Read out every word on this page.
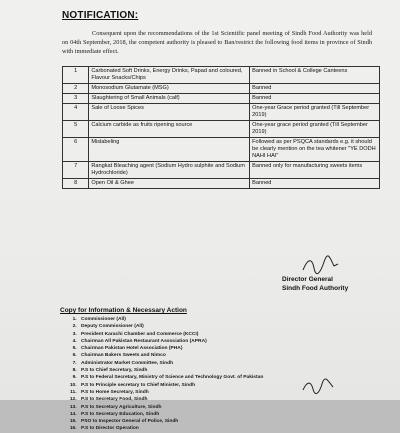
NOTIFICATION:

Consequent upon the recommendations of the 1st Scientific panel meeting of Sindh Food Authority was held on 04th September, 2018, the competent authority is pleased to Ban/restrict the following food items in province of Sindh with immediate effect.

1	Carbonated Soft Drinks, Energy Drinks, Papad and coloured, Flavour Snacks/Chips	Banned in School & College Canteens
2	Monosodium Glutamate (MSG)	Banned
3	Slaughtering of Small Animals (calf)	Banned
4	Sale of Loose Spices	One-year Grace period granted (Till September 2019)
5	Calcium carbide as fruits ripening source	One-year grace period granted (Till September 2019)
6	Mislabeling	Followed as per PSQCA standards e.g. it should be clearly mention on the tea whitener "YE DODH NAHI HAI"
7	Rangkat Bleaching agent (Sodium Hydro sulphite and Sodium Hydrochloride)	Banned only for manufacturing sweets items
8	Open Oil & Ghee	Banned
Director General
Sindh Food Authority
Copy for Information & Necessary Action
1. Commissioner (All)
2. Deputy Commissioner (All)
3. President Karachi Chamber and Commerce (KCCI)
4. Chairman All Pakistan Restaurant Association (APRA)
5. Chairman Pakistan Hotel Association (PHA)
6. Chairman Bakers Sweets and Nimco
7. Administrator Market Committee, Sindh
8. P.S to Chief Secretary, Sindh
9. P.S to Federal Secretary, Ministry of Science and Technology Govt. of Pakistan
10. P.S to Principle secretary to Chief Minister, Sindh
11. P.S to Home Secretary, Sindh
12. P.S to Secretary Food, Sindh
13. P.S to Secretary Agriculture, Sindh
14. P.S to Secretary Education, Sindh
15. PSO to Inspector General of Police, Sindh
16. P.S to Director Operation
